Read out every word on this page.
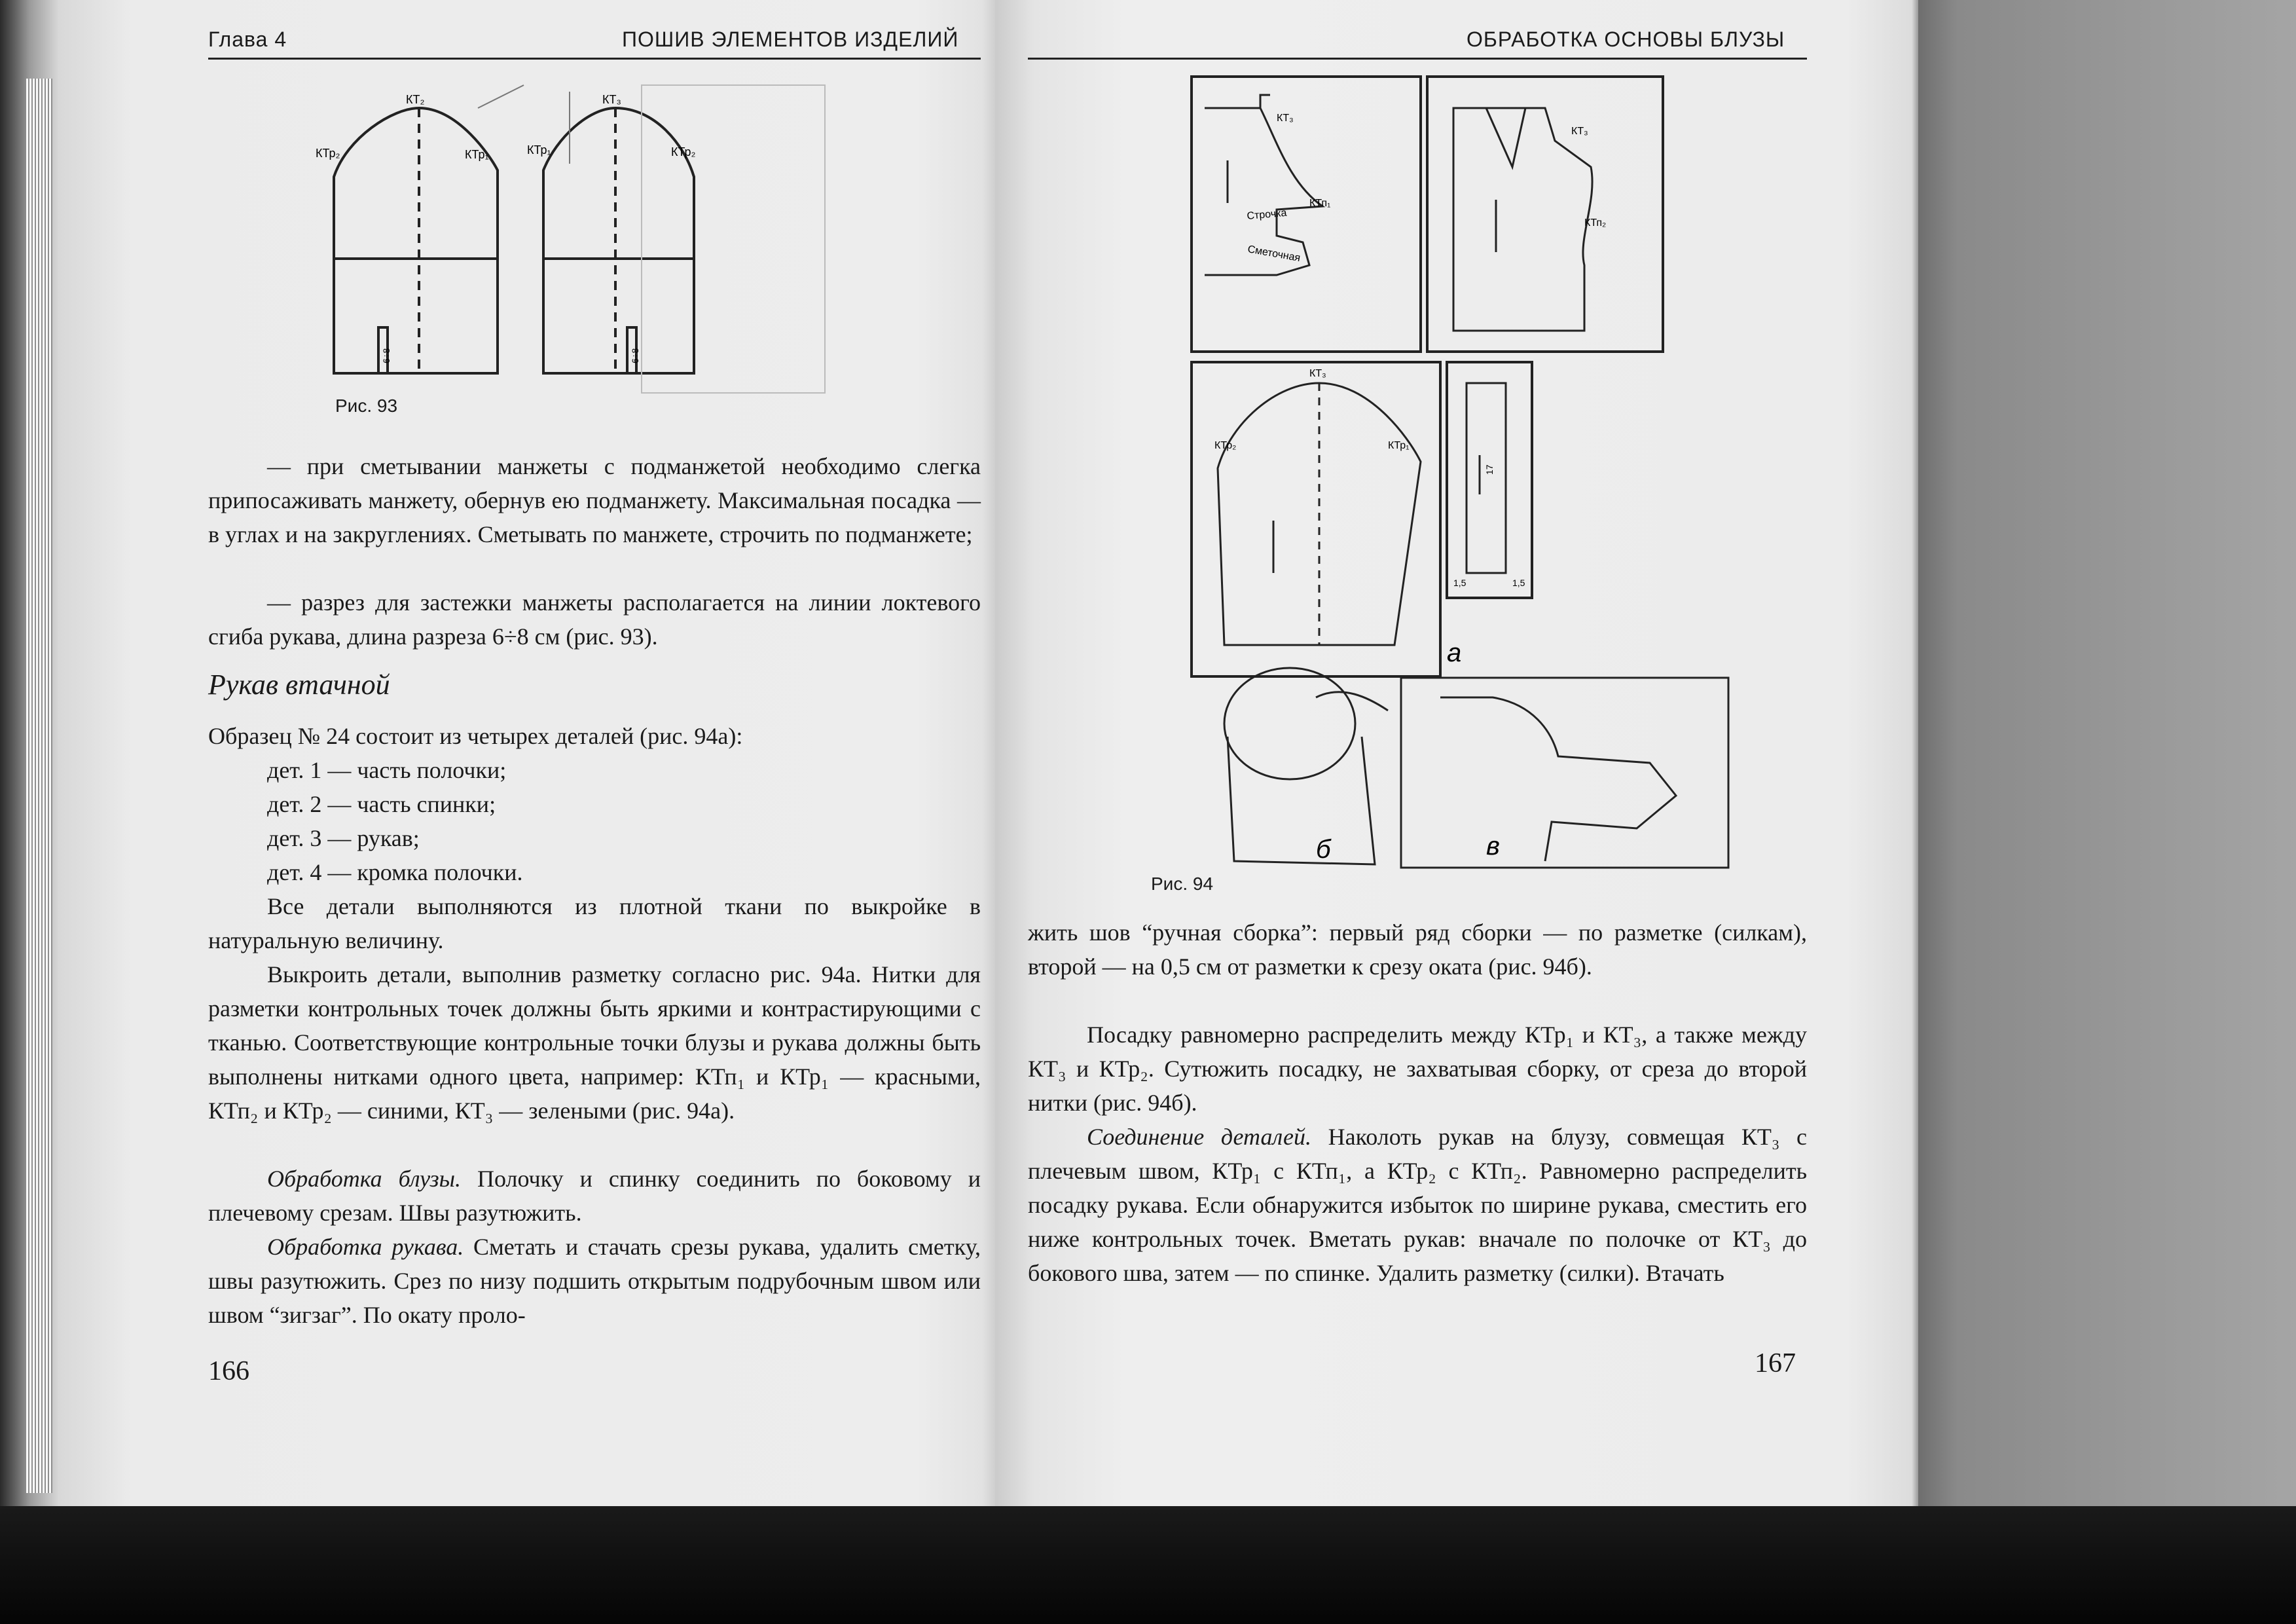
Глава 4	ПОШИВ ЭЛЕМЕНТОВ ИЗДЕЛИЙ
КТ₂	КТ₃
КТр₂	КТр₁	КТр₁	КТр₂
6÷8	6÷8
Рис. 93

— при сметывании манжеты с подманжетой необходимо слегка припосаживать манжету, обернув ею подманжету. Максимальная посадка — в углах и на закруглениях. Сметывать по манжете, строчить по подманжете;

— разрез для застежки манжеты располагается на линии локтевого сгиба рукава, длина разреза 6÷8 см (рис. 93).

Рукав втачной

Образец № 24 состоит из четырех деталей (рис. 94а):

дет. 1 — часть полочки;
дет. 2 — часть спинки;
дет. 3 — рукав;
дет. 4 — кромка полочки.

Все детали выполняются из плотной ткани по выкройке в натуральную величину.

Выкроить детали, выполнив разметку согласно рис. 94а. Нитки для разметки контрольных точек должны быть яркими и контрастирующими с тканью. Соответствующие контрольные точки блузы и рукава должны быть выполнены нитками одного цвета, например: КТп₁ и КТр₁ — красными, КТп₂ и КТр₂ — синими, КТ₃ — зелеными (рис. 94а).

Обработка блузы. Полочку и спинку соединить по боковому и плечевому срезам. Швы разутюжить.

Обработка рукава. Сметать и стачать срезы рукава, удалить сметку, швы разутюжить. Срез по низу подшить открытым подрубочным швом или швом “зигзаг”. По окату проло-

166
ОБРАБОТКА ОСНОВЫ БЛУЗЫ
Строчка
Сметочная
КТ₃
КТп₁
КТ₃
КТп₂
КТ₃
КТр₂	КТр₁
1,5	1,5
17
а
б	в
Рис. 94

жить шов “ручная сборка”: первый ряд сборки — по разметке (силкам), второй — на 0,5 см от разметки к срезу оката (рис. 94б).

Посадку равномерно распределить между КТр₁ и КТ₃, а также между КТ₃ и КТр₂. Сутюжить посадку, не захватывая сборку, от среза до второй нитки (рис. 94б).

Соединение деталей. Наколоть рукав на блузу, совмещая КТ₃ с плечевым швом, КТр₁ с КТп₁, а КТр₂ с КТп₂. Равномерно распределить посадку рукава. Если обнаружится избыток по ширине рукава, сместить его ниже контрольных точек. Вметать рукав: вначале по полочке от КТ₃ до бокового шва, затем — по спинке. Удалить разметку (силки). Втачать

167
